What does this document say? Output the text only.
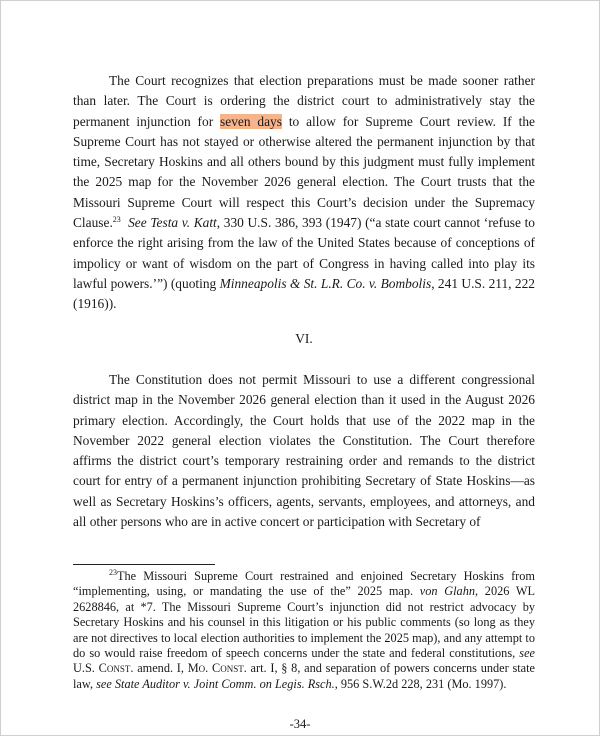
The Court recognizes that election preparations must be made sooner rather than later. The Court is ordering the district court to administratively stay the permanent injunction for seven days to allow for Supreme Court review. If the Supreme Court has not stayed or otherwise altered the permanent injunction by that time, Secretary Hoskins and all others bound by this judgment must fully implement the 2025 map for the November 2026 general election. The Court trusts that the Missouri Supreme Court will respect this Court’s decision under the Supremacy Clause.$^{23}$ See Testa v. Katt, 330 U.S. 386, 393 (1947) (“a state court cannot ‘refuse to enforce the right arising from the law of the United States because of conceptions of impolicy or want of wisdom on the part of Congress in having called into play its lawful powers.’”) (quoting Minneapolis & St. L.R. Co. v. Bombolis, 241 U.S. 211, 222 (1916)).

VI.

The Constitution does not permit Missouri to use a different congressional district map in the November 2026 general election than it used in the August 2026 primary election. Accordingly, the Court holds that use of the 2022 map in the November 2022 general election violates the Constitution. The Court therefore affirms the district court’s temporary restraining order and remands to the district court for entry of a permanent injunction prohibiting Secretary of State Hoskins—as well as Secretary Hoskins’s officers, agents, servants, employees, and attorneys, and all other persons who are in active concert or participation with Secretary of

$^{23}$The Missouri Supreme Court restrained and enjoined Secretary Hoskins from “implementing, using, or mandating the use of the” 2025 map. von Glahn, 2026 WL 2628846, at *7. The Missouri Supreme Court’s injunction did not restrict advocacy by Secretary Hoskins and his counsel in this litigation or his public comments (so long as they are not directives to local election authorities to implement the 2025 map), and any attempt to do so would raise freedom of speech concerns under the state and federal constitutions, see U.S. Const. amend. I, Mo. Const. art. I, § 8, and separation of powers concerns under state law, see State Auditor v. Joint Comm. on Legis. Rsch., 956 S.W.2d 228, 231 (Mo. 1997).

-34-
